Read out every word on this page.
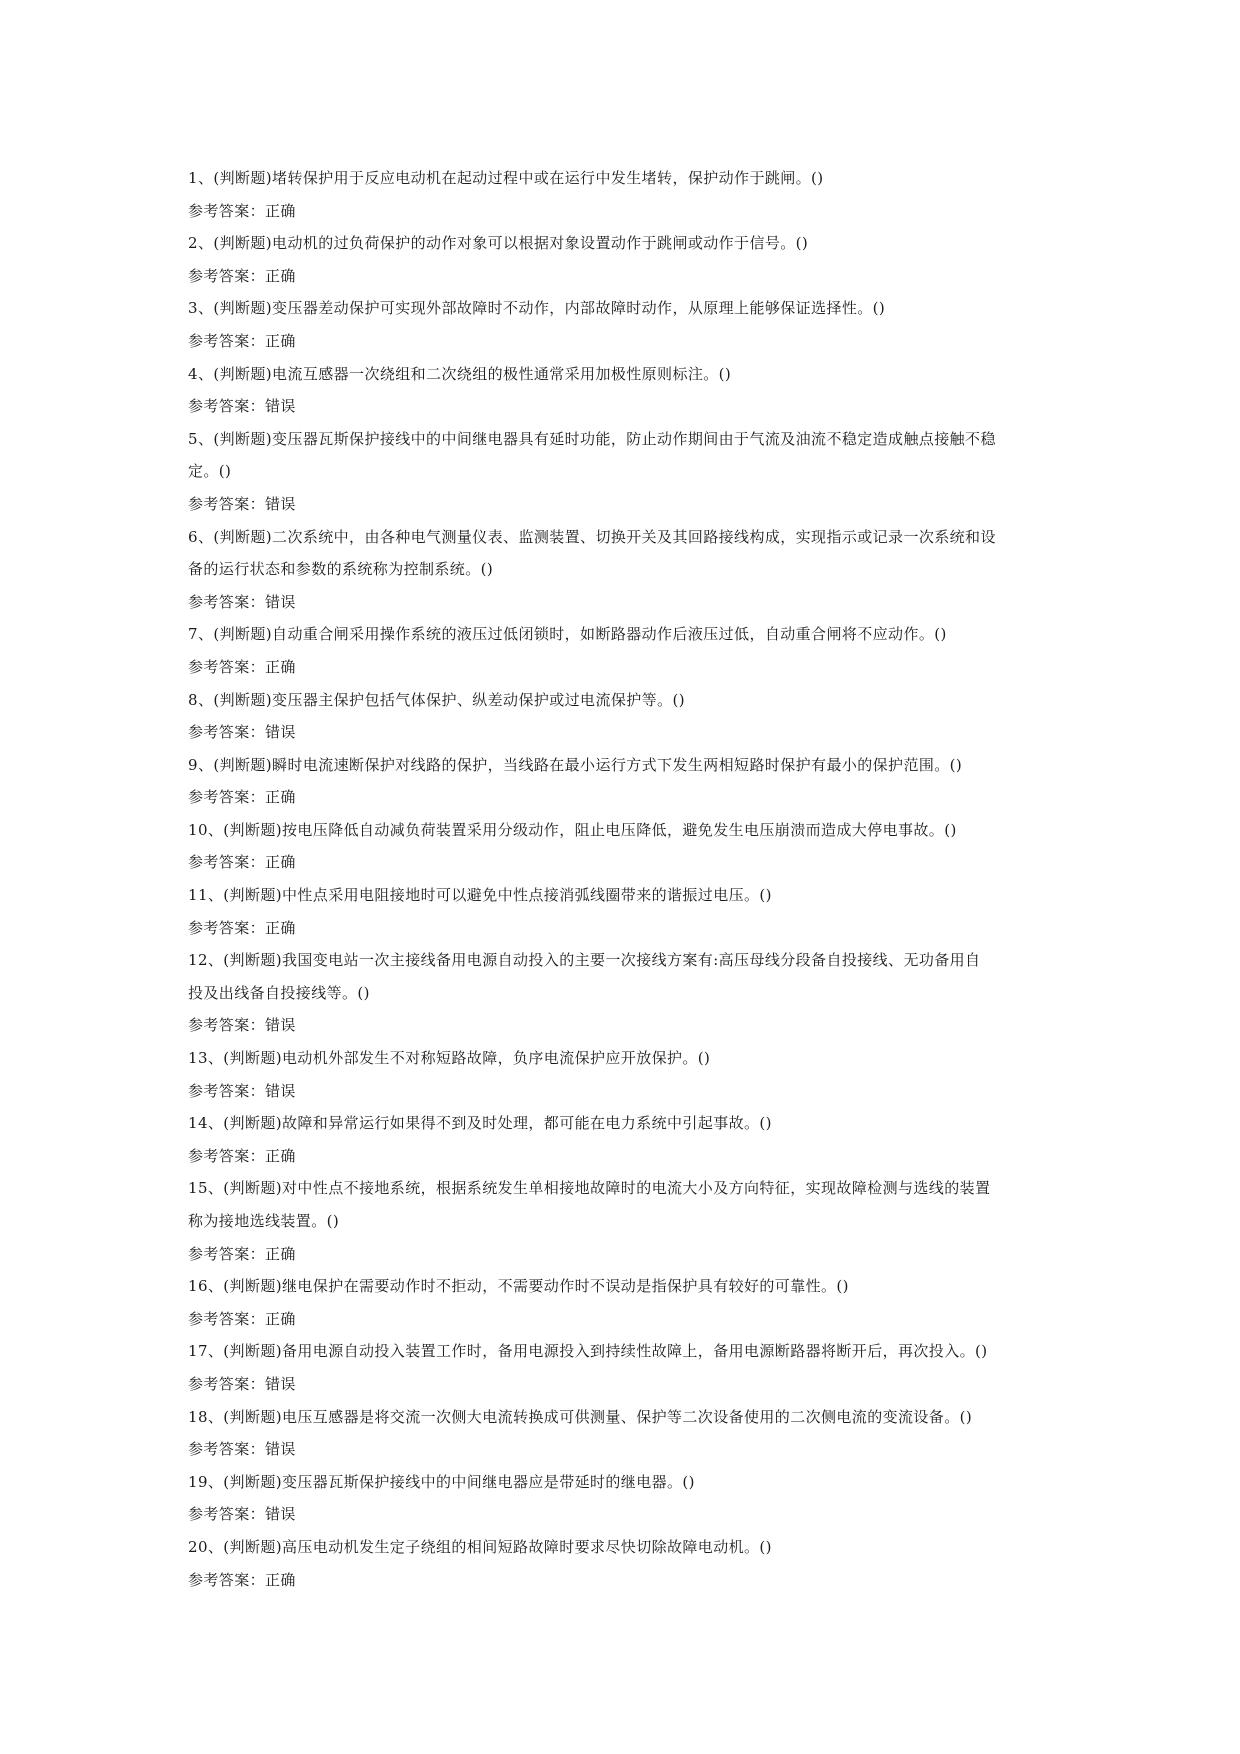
1、(判断题)堵转保护用于反应电动机在起动过程中或在运行中发生堵转，保护动作于跳闸。()
参考答案：正确
2、(判断题)电动机的过负荷保护的动作对象可以根据对象设置动作于跳闸或动作于信号。()
参考答案：正确
3、(判断题)变压器差动保护可实现外部故障时不动作，内部故障时动作，从原理上能够保证选择性。()
参考答案：正确
4、(判断题)电流互感器一次绕组和二次绕组的极性通常采用加极性原则标注。()
参考答案：错误
5、(判断题)变压器瓦斯保护接线中的中间继电器具有延时功能，防止动作期间由于气流及油流不稳定造成触点接触不稳
定。()
参考答案：错误
6、(判断题)二次系统中，由各种电气测量仪表、监测装置、切换开关及其回路接线构成，实现指示或记录一次系统和设
备的运行状态和参数的系统称为控制系统。()
参考答案：错误
7、(判断题)自动重合闸采用操作系统的液压过低闭锁时，如断路器动作后液压过低，自动重合闸将不应动作。()
参考答案：正确
8、(判断题)变压器主保护包括气体保护、纵差动保护或过电流保护等。()
参考答案：错误
9、(判断题)瞬时电流速断保护对线路的保护，当线路在最小运行方式下发生两相短路时保护有最小的保护范围。()
参考答案：正确
10、(判断题)按电压降低自动减负荷装置采用分级动作，阻止电压降低，避免发生电压崩溃而造成大停电事故。()
参考答案：正确
11、(判断题)中性点采用电阻接地时可以避免中性点接消弧线圈带来的谐振过电压。()
参考答案：正确
12、(判断题)我国变电站一次主接线备用电源自动投入的主要一次接线方案有:高压母线分段备自投接线、无功备用自
投及出线备自投接线等。()
参考答案：错误
13、(判断题)电动机外部发生不对称短路故障，负序电流保护应开放保护。()
参考答案：错误
14、(判断题)故障和异常运行如果得不到及时处理，都可能在电力系统中引起事故。()
参考答案：正确
15、(判断题)对中性点不接地系统，根据系统发生单相接地故障时的电流大小及方向特征，实现故障检测与选线的装置
称为接地选线装置。()
参考答案：正确
16、(判断题)继电保护在需要动作时不拒动，不需要动作时不误动是指保护具有较好的可靠性。()
参考答案：正确
17、(判断题)备用电源自动投入装置工作时，备用电源投入到持续性故障上，备用电源断路器将断开后，再次投入。()
参考答案：错误
18、(判断题)电压互感器是将交流一次侧大电流转换成可供测量、保护等二次设备使用的二次侧电流的变流设备。()
参考答案：错误
19、(判断题)变压器瓦斯保护接线中的中间继电器应是带延时的继电器。()
参考答案：错误
20、(判断题)高压电动机发生定子绕组的相间短路故障时要求尽快切除故障电动机。()
参考答案：正确
